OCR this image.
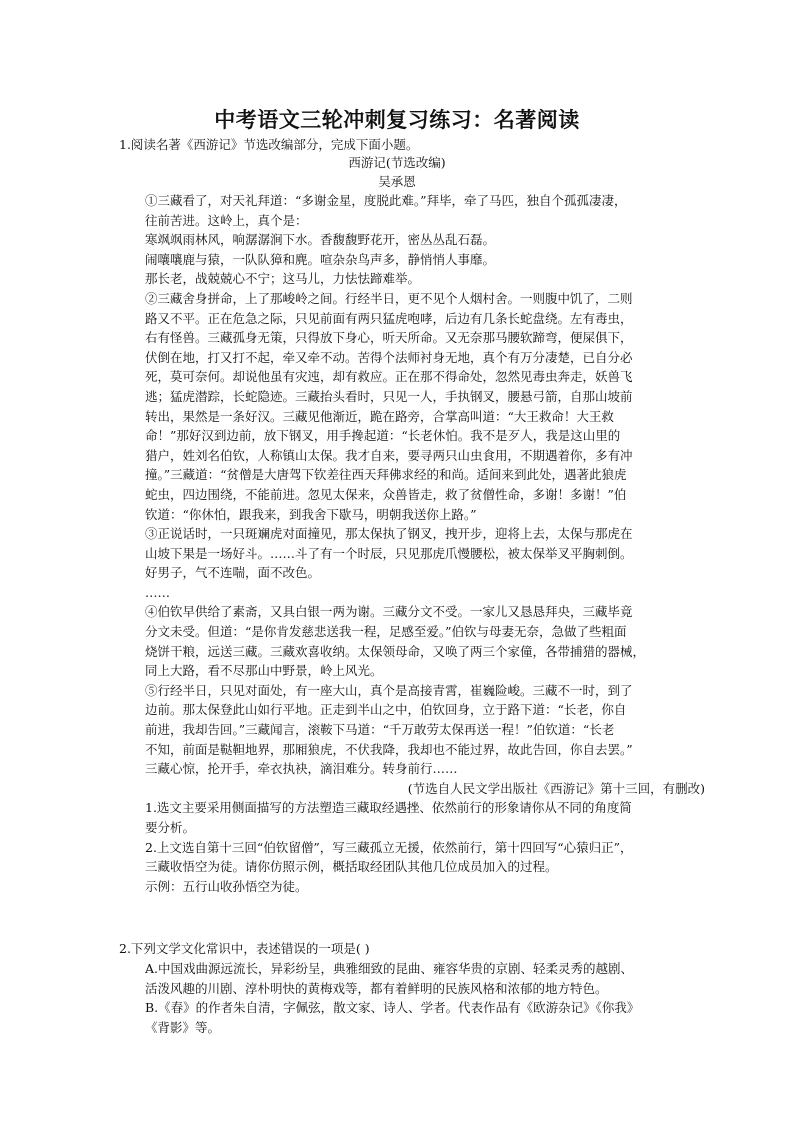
中考语文三轮冲刺复习练习：名著阅读
1.阅读名著《西游记》节选改编部分，完成下面小题。
西游记(节选改编)
吴承恩

①三藏看了，对天礼拜道：“多谢金星，度脱此难。”拜毕，牵了马匹，独自个孤孤凄凄，

往前苦进。这岭上，真个是：

寒飒飒雨林风，响潺潺涧下水。香馥馥野花开，密丛丛乱石磊。

闹嚷嚷鹿与猿，一队队獐和麂。喧杂杂鸟声多，静悄悄人事靡。

那长老，战兢兢心不宁；这马儿，力怯怯蹄难举。

②三藏舍身拼命，上了那峻岭之间。行经半日，更不见个人烟村舍。一则腹中饥了，二则

路又不平。正在危急之际，只见前面有两只猛虎咆哮，后边有几条长蛇盘绕。左有毒虫，

右有怪兽。三藏孤身无策，只得放下身心，听天所命。又无奈那马腰软蹄弯，便屎俱下，

伏倒在地，打又打不起，牵又牵不动。苦得个法师衬身无地，真个有万分凄楚，已自分必

死，莫可奈何。却说他虽有灾迍，却有救应。正在那不得命处，忽然见毒虫奔走，妖兽飞

逃；猛虎潜踪，长蛇隐迹。三藏抬头看时，只见一人，手执钢叉，腰悬弓箭，自那山坡前

转出，果然是一条好汉。三藏见他渐近，跪在路旁，合掌高叫道：“大王救命！大王救

命！”那好汉到边前，放下钢叉，用手搀起道：“长老休怕。我不是歹人，我是这山里的

猎户，姓刘名伯钦，人称镇山太保。我才自来，要寻两只山虫食用，不期遇着你，多有冲

撞。”三藏道：“贫僧是大唐驾下钦差往西天拜佛求经的和尚。适间来到此处，遇著此狼虎

蛇虫，四边围绕，不能前进。忽见太保来，众兽皆走，救了贫僧性命，多谢！多谢！”伯

钦道：“你休怕，跟我来，到我舍下歇马，明朝我送你上路。”

③正说话时，一只斑斓虎对面撞见，那太保执了钢叉，拽开步，迎将上去，太保与那虎在

山坡下果是一场好斗。……斗了有一个时辰，只见那虎爪慢腰松，被太保举叉平胸刺倒。

好男子，气不连喘，面不改色。

……

④伯钦早供给了素斋，又具白银一两为谢。三藏分文不受。一家儿又恳恳拜央，三藏毕竟

分文未受。但道：“是你肯发慈悲送我一程，足感至爱。”伯钦与母妻无奈，急做了些粗面

烧饼干粮，远送三藏。三藏欢喜收纳。太保领母命，又唤了两三个家僮，各带捕猎的器械，

同上大路，看不尽那山中野景，岭上风光。

⑤行经半日，只见对面处，有一座大山，真个是高接青霄，崔巍险峻。三藏不一时，到了

边前。那太保登此山如行平地。正走到半山之中，伯钦回身，立于路下道：“长老，你自

前进，我却告回。”三藏闻言，滚鞍下马道：“千万敢劳太保再送一程！”伯钦道：“长老

不知，前面是鞑靼地界，那厢狼虎，不伏我降，我却也不能过界，故此告回，你自去罢。”

三藏心惊，抡开手，牵衣执袂，滴泪难分。转身前行……

(节选自人民文学出版社《西游记》第十三回，有删改)

1.选文主要采用侧面描写的方法塑造三藏取经遇挫、依然前行的形象请你从不同的角度简

要分析。

2.上文选自第十三回“伯钦留僧”，写三藏孤立无援，依然前行，第十四回写“心猿归正”，

三藏收悟空为徒。请你仿照示例，概括取经团队其他几位成员加入的过程。

示例：五行山收孙悟空为徒。

2.下列文学文化常识中，表述错误的一项是( )

A.中国戏曲源远流长，异彩纷呈，典雅细致的昆曲、雍容华贵的京剧、轻柔灵秀的越剧、

活泼风趣的川剧、淳朴明快的黄梅戏等，都有着鲜明的民族风格和浓郁的地方特色。

B.《春》的作者朱自清，字佩弦，散文家、诗人、学者。代表作品有《欧游杂记》《你我》

《背影》等。
